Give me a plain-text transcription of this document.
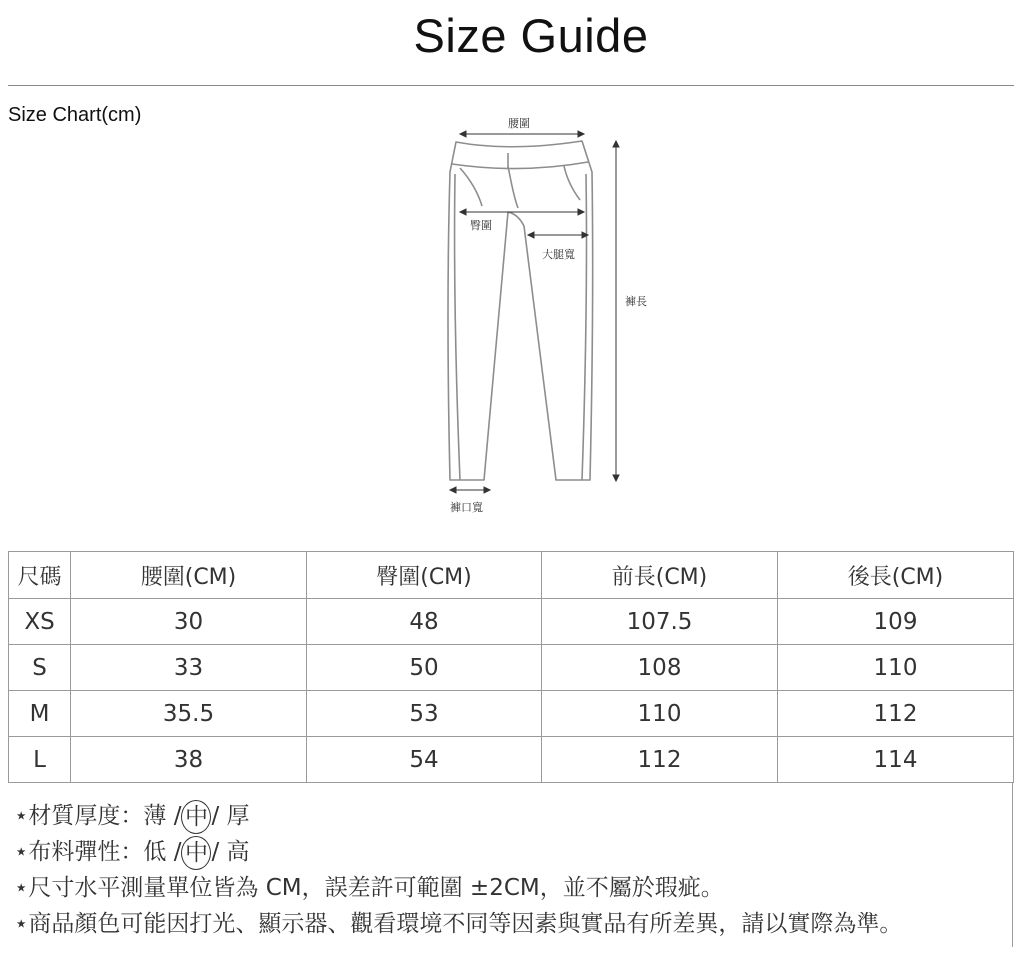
Size Guide
Size Chart(cm)	腰圍
臀圍
大腿寬
褲長
褲口寬
尺碼	腰圍(CM)	臀圍(CM)	前長(CM)	後長(CM)
XS	30	48	107.5	109
S	33	50	108	110
M	35.5	53	110	112
L	38	54	112	114
⋆材質厚度：薄 / 中 / 厚
⋆布料彈性：低 / 中 / 高
⋆尺寸水平測量單位皆為 CM，誤差許可範圍 ±2CM，並不屬於瑕疵。
⋆商品顏色可能因打光、顯示器、觀看環境不同等因素與實品有所差異，請以實際為準。
